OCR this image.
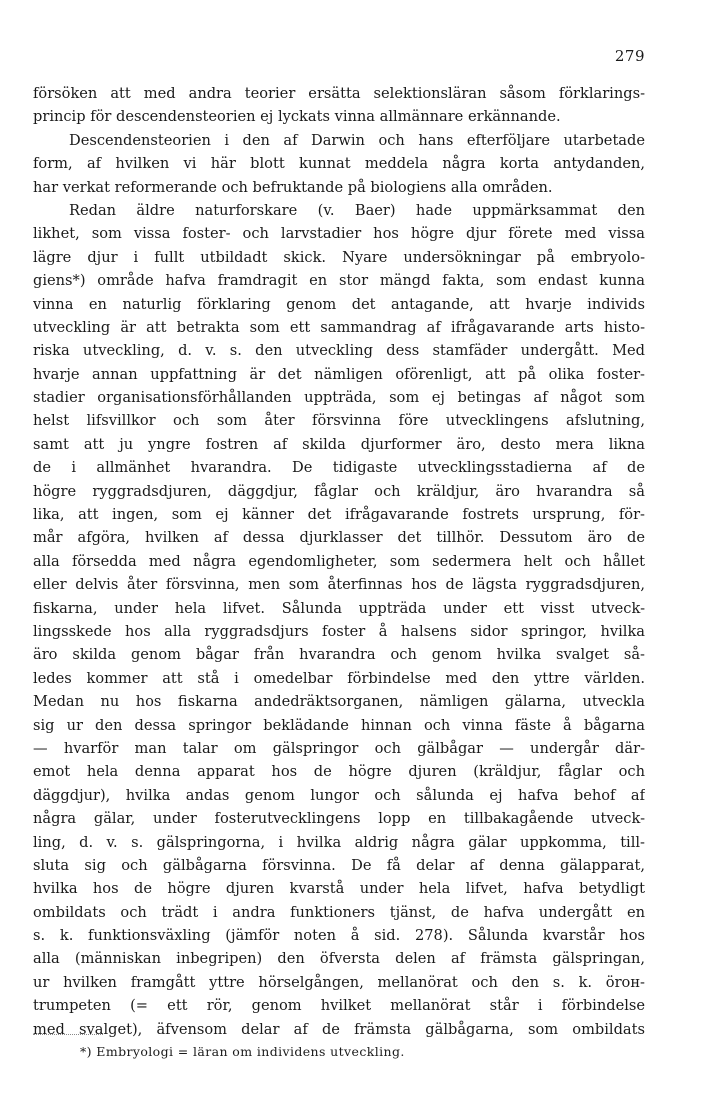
279
försöken att med andra teorier ersätta selektionsläran såsom förklarings-
princip för descendensteorien ej lyckats vinna allmännare erkännande.
Descendensteorien i den af Darwin och hans efterföljare utarbetade
form, af hvilken vi här blott kunnat meddela några korta antydanden,
har verkat reformerande och befruktande på biologiens alla områden.
Redan äldre naturforskare (v. Baer) hade uppmärksammat den
likhet, som vissa foster- och larvstadier hos högre djur förete med vissa
lägre djur i fullt utbildadt skick. Nyare undersökningar på embryolo-
giens*) område hafva framdragit en stor mängd fakta, som endast kunna
vinna en naturlig förklaring genom det antagande, att hvarje individs
utveckling är att betrakta som ett sammandrag af ifrågavarande arts histo-
riska utveckling, d. v. s. den utveckling dess stamfäder undergått. Med
hvarje annan uppfattning är det nämligen oförenligt, att på olika foster-
stadier organisationsförhållanden uppträda, som ej betingas af något som
helst lifsvillkor och som åter försvinna före utvecklingens afslutning,
samt att ju yngre fostren af skilda djurformer äro, desto mera likna
de i allmänhet hvarandra. De tidigaste utvecklingsstadierna af de
högre ryggradsdjuren, däggdjur, fåglar och kräldjur, äro hvarandra så
lika, att ingen, som ej känner det ifrågavarande fostrets ursprung, för-
mår afgöra, hvilken af dessa djurklasser det tillhör. Dessutom äro de
alla försedda med några egendomligheter, som sedermera helt och hållet
eller delvis åter försvinna, men som återfinnas hos de lägsta ryggradsdjuren,
fiskarna, under hela lifvet. Sålunda uppträda under ett visst utveck-
lingsskede hos alla ryggradsdjurs foster å halsens sidor springor, hvilka
äro skilda genom bågar från hvarandra och genom hvilka svalget så-
ledes kommer att stå i omedelbar förbindelse med den yttre världen.
Medan nu hos fiskarna andedräktsorganen, nämligen gälarna, utveckla
sig ur den dessa springor beklädande hinnan och vinna fäste å bågarna
— hvarför man talar om gälspringor och gälbågar — undergår där-
emot hela denna apparat hos de högre djuren (kräldjur, fåglar och
däggdjur), hvilka andas genom lungor och sålunda ej hafva behof af
några gälar, under fosterutvecklingens lopp en tillbakagående utveck-
ling, d. v. s. gälspringorna, i hvilka aldrig några gälar uppkomma, till-
sluta sig och gälbågarna försvinna. De få delar af denna gälapparat,
hvilka hos de högre djuren kvarstå under hela lifvet, hafva betydligt
ombildats och trädt i andra funktioners tjänst, de hafva undergått en
s. k. funktionsväxling (jämför noten å sid. 278). Sålunda kvarstår hos
alla (människan inbegripen) den öfversta delen af främsta gälspringan,
ur hvilken framgått yttre hörselgången, mellanörat och den s. k. örон-
trumpeten (= ett rör, genom hvilket mellanörat står i förbindelse
med svalget), äfvensom delar af de främsta gälbågarna, som ombildats
*) Embryologi = läran om individens utveckling.
